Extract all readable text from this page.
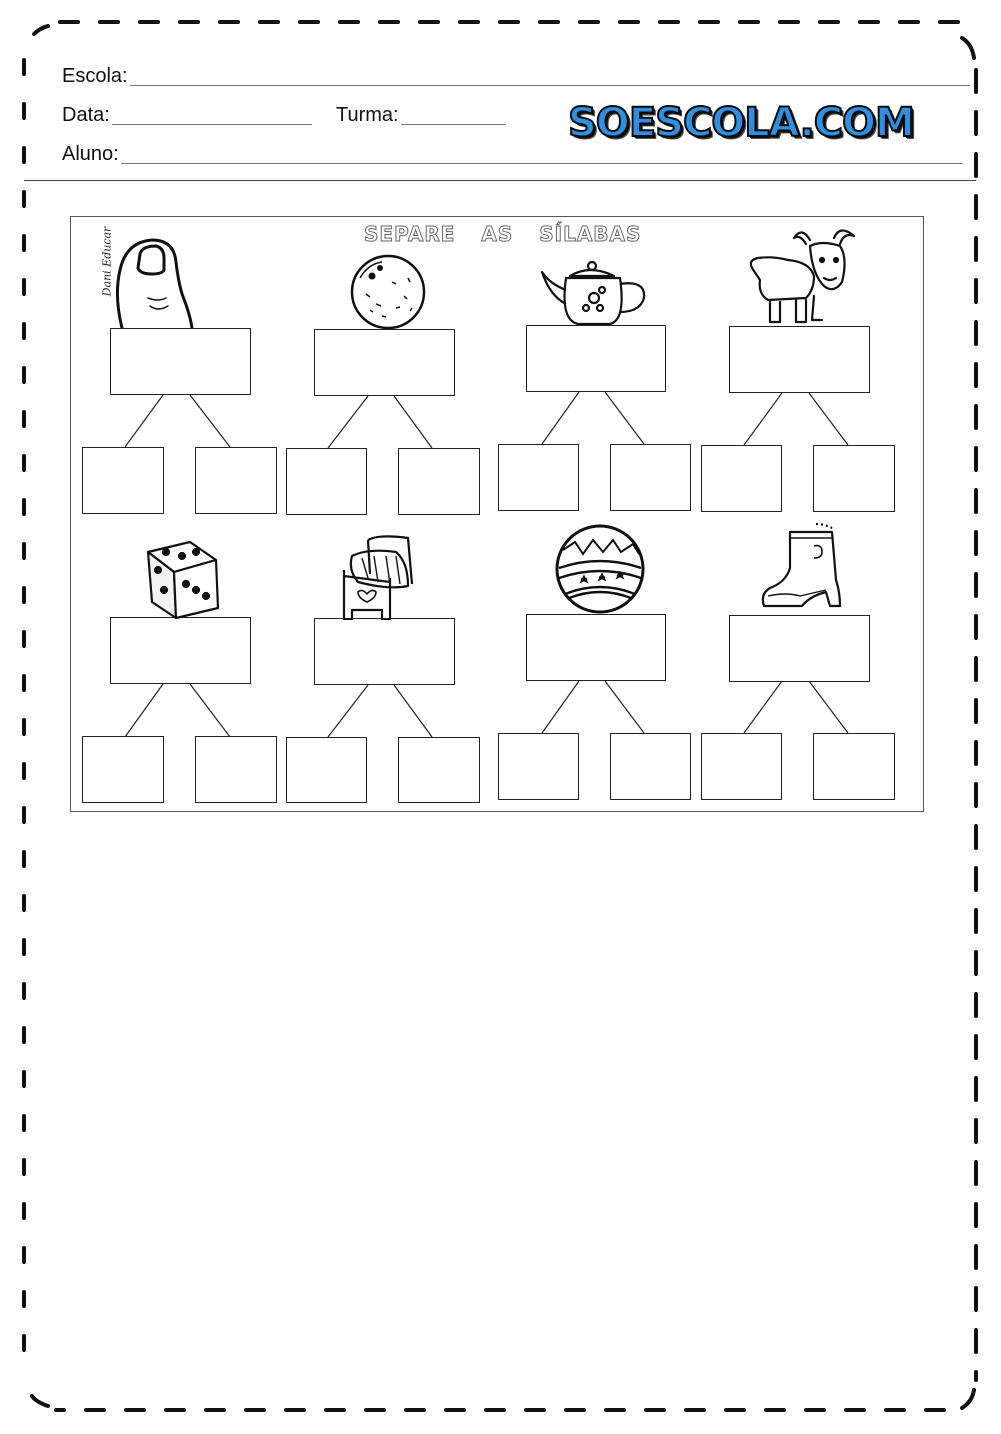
Escola:
Data:	Turma:
Aluno:
SOESCOLA.COM
SEPARE AS SÍLABAS
Dani Educar
